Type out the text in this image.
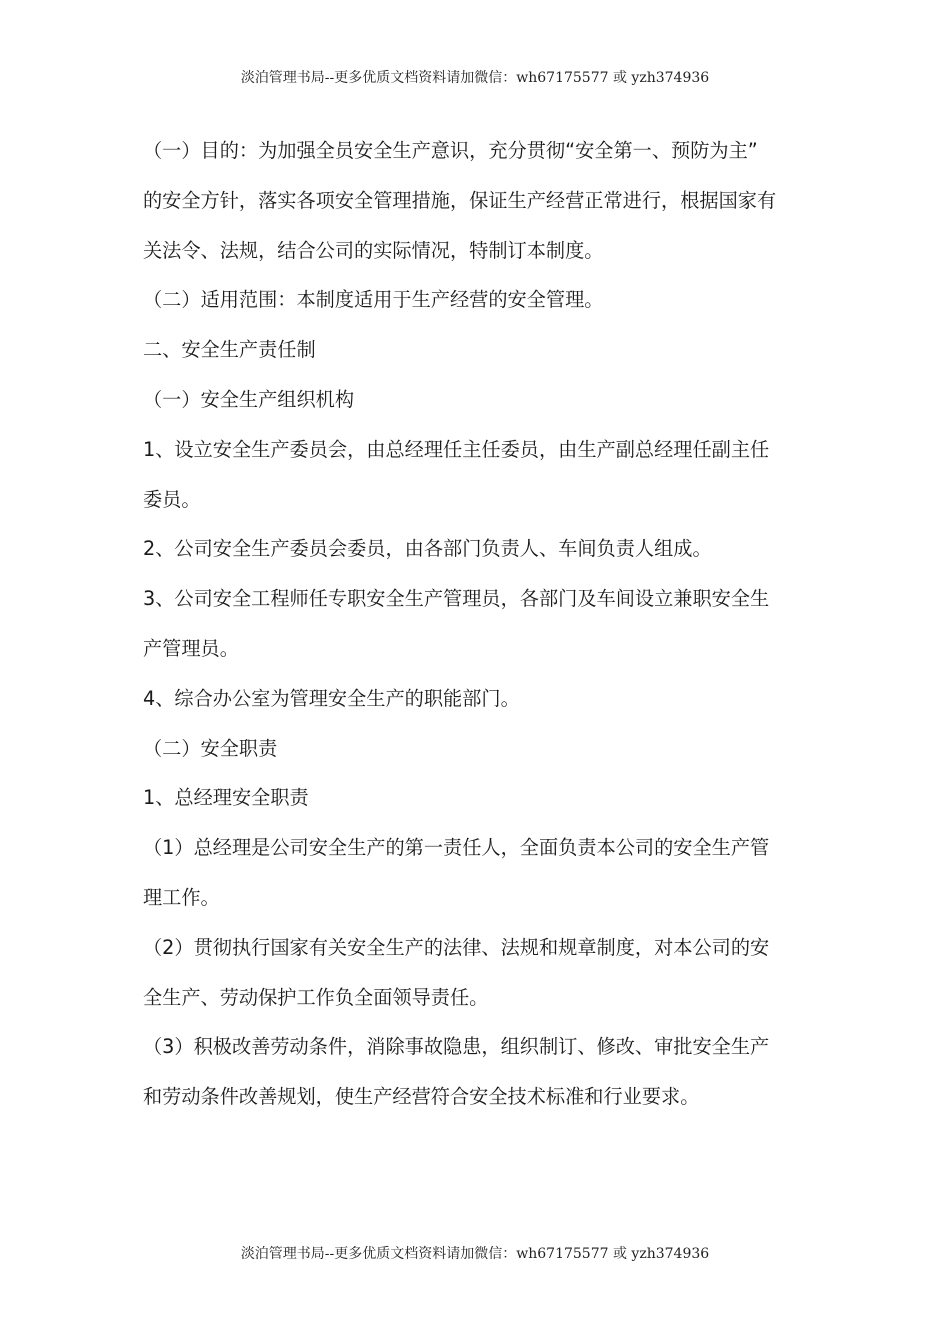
淡泊管理书局--更多优质文档资料请加微信：wh67175577 或 yzh374936
（一）目的：为加强全员安全生产意识，充分贯彻“安全第一、预防为主”
的安全方针，落实各项安全管理措施，保证生产经营正常进行，根据国家有
关法令、法规，结合公司的实际情况，特制订本制度。
（二）适用范围：本制度适用于生产经营的安全管理。
二、安全生产责任制
（一）安全生产组织机构
1、设立安全生产委员会，由总经理任主任委员，由生产副总经理任副主任
委员。
2、公司安全生产委员会委员，由各部门负责人、车间负责人组成。
3、公司安全工程师任专职安全生产管理员，各部门及车间设立兼职安全生
产管理员。
4、综合办公室为管理安全生产的职能部门。
（二）安全职责
1、总经理安全职责
（1）总经理是公司安全生产的第一责任人，全面负责本公司的安全生产管
理工作。
（2）贯彻执行国家有关安全生产的法律、法规和规章制度，对本公司的安
全生产、劳动保护工作负全面领导责任。
（3）积极改善劳动条件，消除事故隐患，组织制订、修改、审批安全生产
和劳动条件改善规划，使生产经营符合安全技术标准和行业要求。
淡泊管理书局--更多优质文档资料请加微信：wh67175577 或 yzh374936
